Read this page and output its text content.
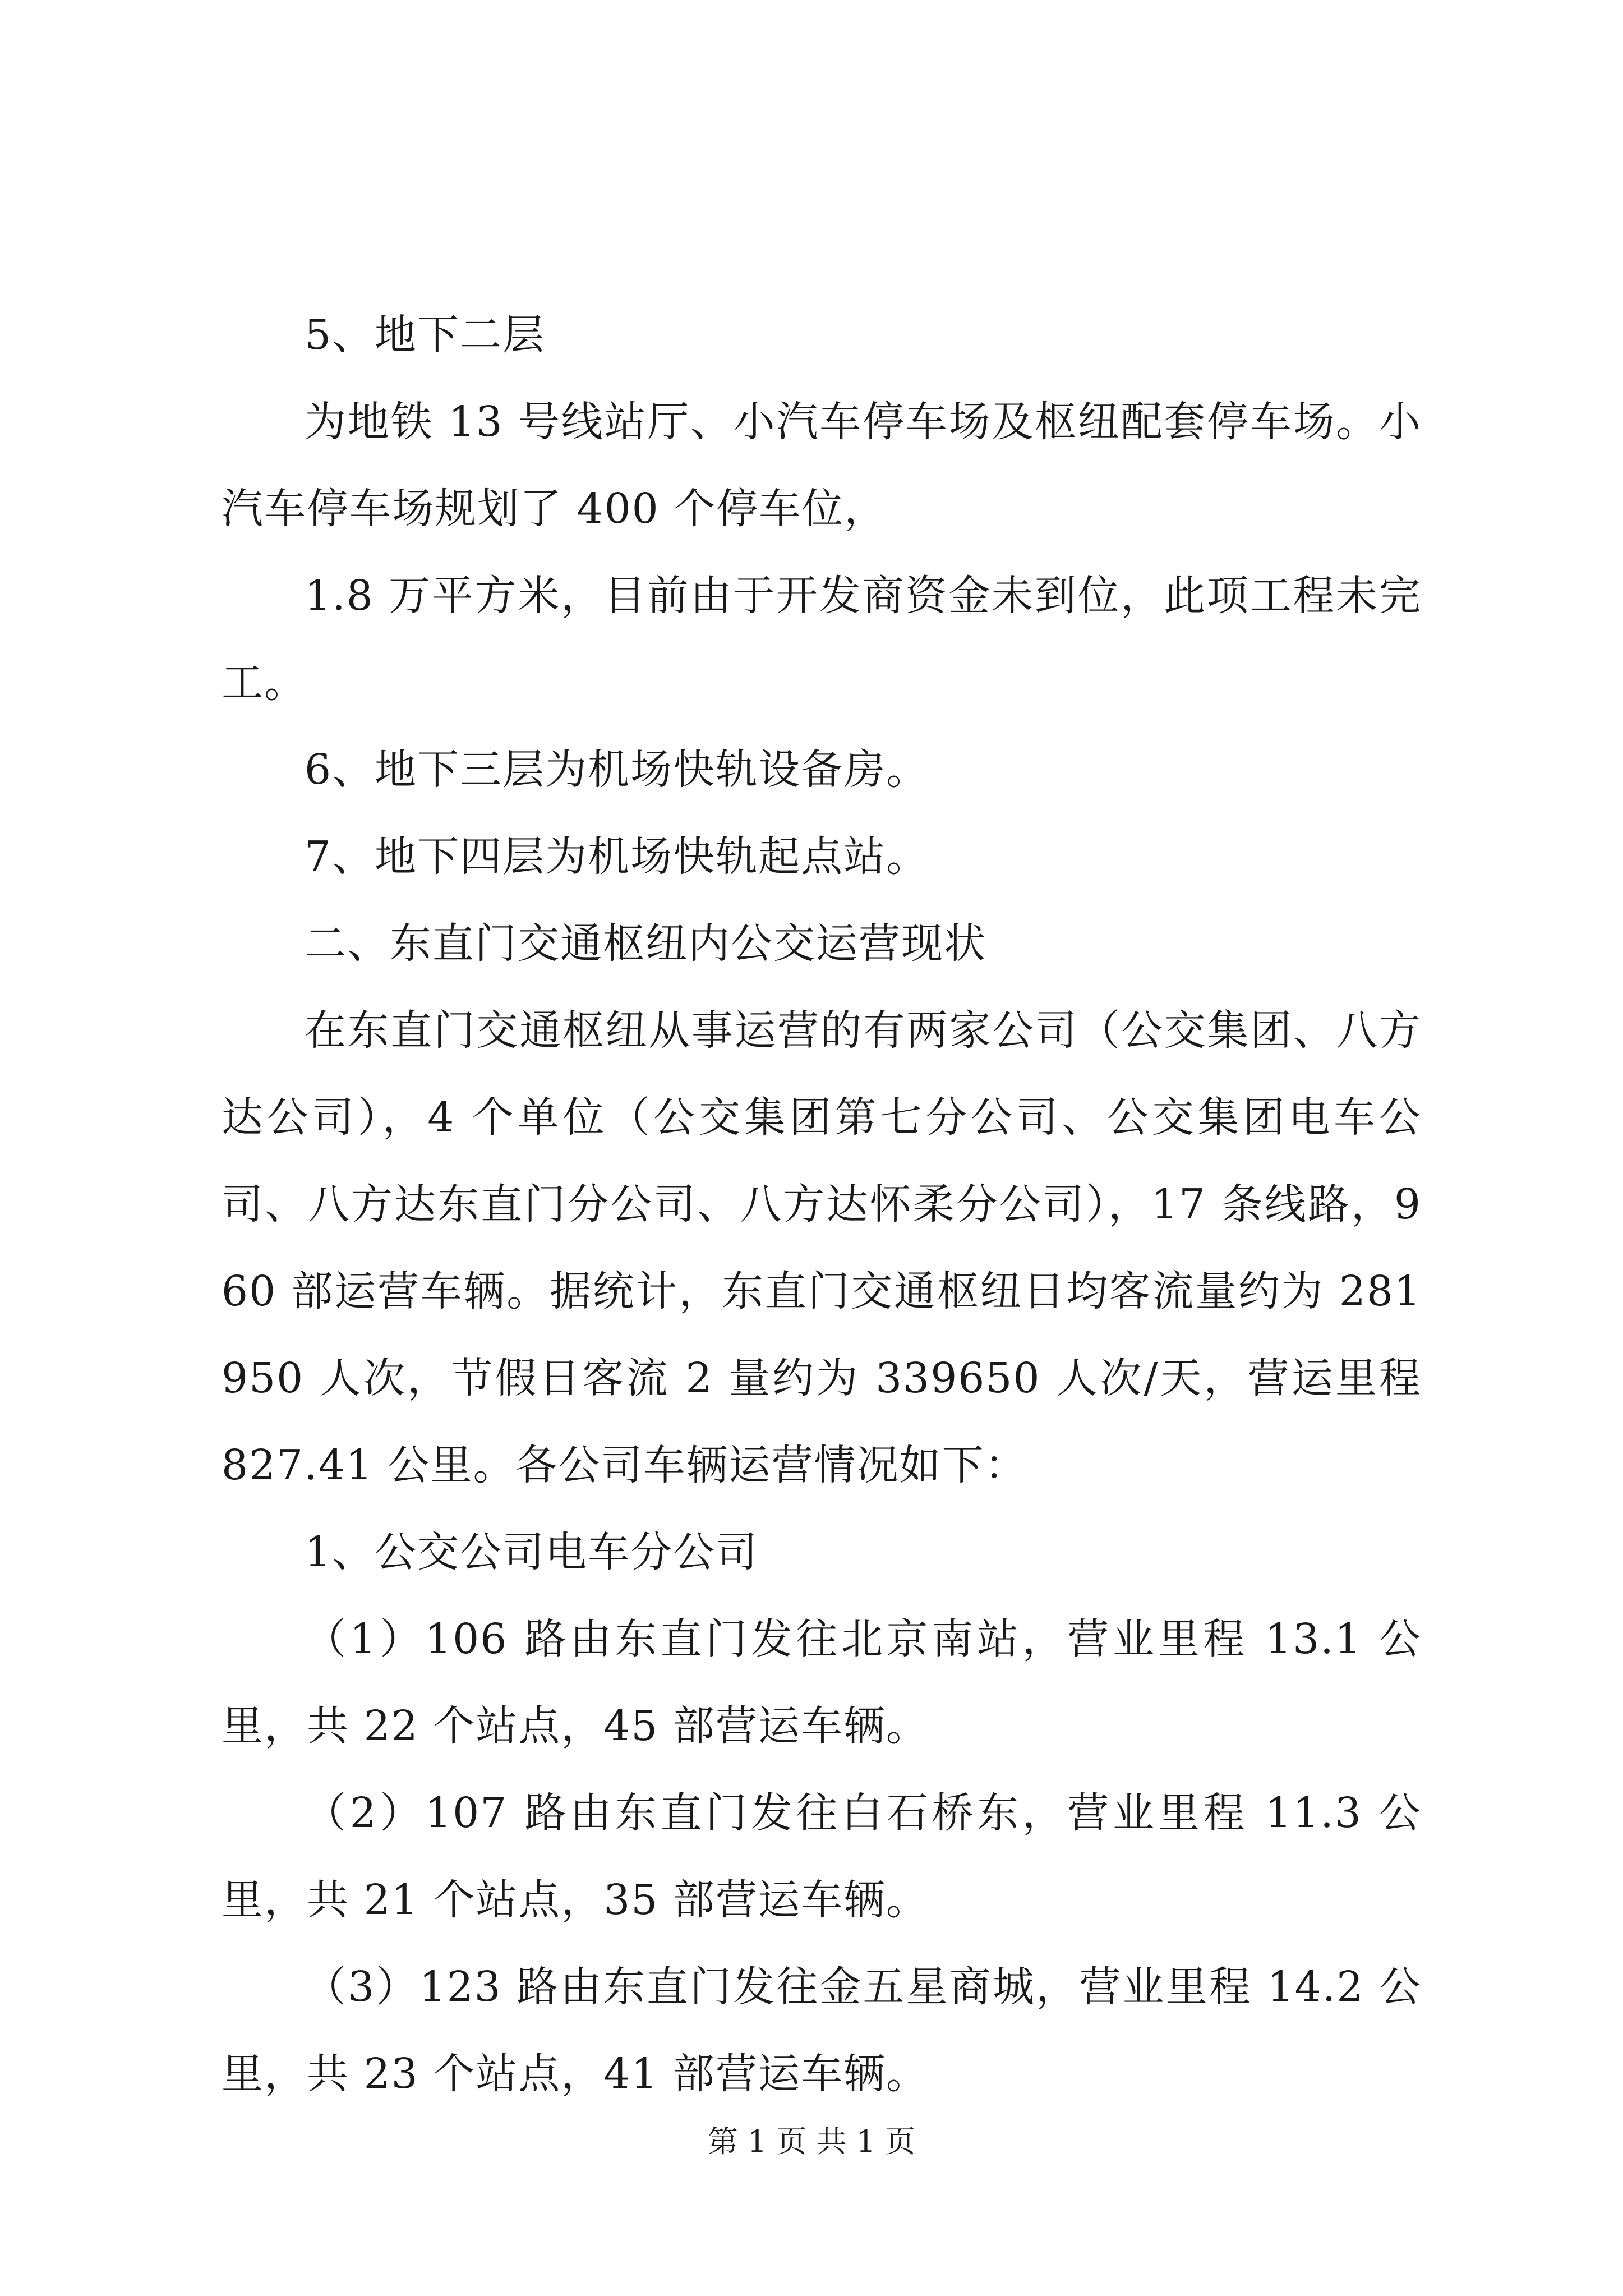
5、地下二层

为地铁 13 号线站厅、小汽车停车场及枢纽配套停车场。小汽车停车场规划了 400 个停车位，

1.8 万平方米，目前由于开发商资金未到位，此项工程未完工。

6、地下三层为机场快轨设备房。

7、地下四层为机场快轨起点站。

二、东直门交通枢纽内公交运营现状

在东直门交通枢纽从事运营的有两家公司（公交集团、八方达公司），4 个单位（公交集团第七分公司、公交集团电车公司、八方达东直门分公司、八方达怀柔分公司），17 条线路，960 部运营车辆。据统计，东直门交通枢纽日均客流量约为 281950 人次，节假日客流 2 量约为 339650 人次/天，营运里程 827.41 公里。各公司车辆运营情况如下：

1、公交公司电车分公司

（1）106 路由东直门发往北京南站，营业里程 13.1 公里，共 22 个站点，45 部营运车辆。

（2）107 路由东直门发往白石桥东，营业里程 11.3 公里，共 21 个站点，35 部营运车辆。

（3）123 路由东直门发往金五星商城，营业里程 14.2 公里，共 23 个站点，41 部营运车辆。

第 1 页 共 1 页
